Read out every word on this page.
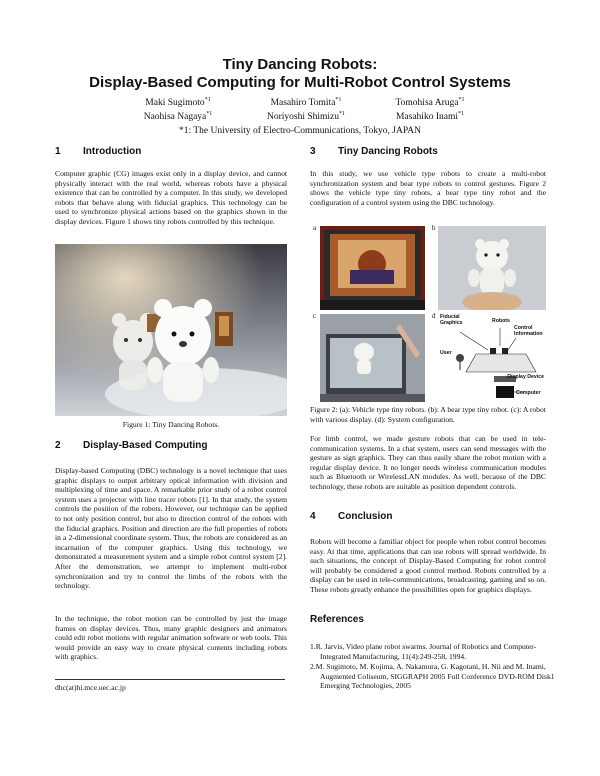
Tiny Dancing Robots:
Display-Based Computing for Multi-Robot Control Systems
Maki Sugimoto$^{*1}$
Naohisa Nagaya$^{*1}$
Masahiro Tomita$^{*1}$
Noriyoshi Shimizu$^{*1}$
Tomohisa Aruga$^{*1}$
Masahiko Inami$^{*1}$
*1: The University of Electro-Communications, Tokyo, JAPAN
1 Introduction
Computer graphic (CG) images exist only in a display device, and cannot physically interact with the real world, whereas robots have a physical existence that can be controlled by a computer. In this study, we developed robots that behave along with fiducial graphics. This technology can be used to synchronize physical actions based on the graphics shown in the display devices. Figure 1 shows tiny robots controlled by this technique.
Figure 1: Tiny Dancing Robots.
2 Display-Based Computing
Display-based Computing (DBC) technology is a novel technique that uses graphic displays to output arbitrary optical information with division and multiplexing of time and space. A remarkable prior study of a robot control system uses a projector with line tracer robots [1]. In that study, the system controls the position of the robots. However, our technique can be applied to not only position control, but also to direction control of the robots with the fiducial graphics. Position and direction are the full properties of robots in a 2-dimensional coordinate system. Thus, the robots are considered as an incarnation of the computer graphics. Using this technology, we demonstrated a measurement system and a simple robot control system [2]. After the demonstration, we attempt to implement multi-robot synchronization and try to control the limbs of the robots with the technology.
In the technique, the robot motion can be controlled by just the image frames on display devices. Thus, many graphic designers and animators could edit robot motions with regular animation software or web tools. This would provide an easy way to create physical contents including robots with graphics.
dhc(at)hi.mce.uec.ac.jp
3 Tiny Dancing Robots
In this study, we use vehicle type robots to create a multi-robot synchronization system and bear type robots to control gestures. Figure 2 shows the vehicle type tiny robots, a bear type tiny robot and the configuration of a control system using the DBC technology.
a	b
c	d Fiducial Graphics	Robots
Control Information
User
Display Device
Computer
Figure 2: (a): Vehicle type tiny robots. (b): A bear type tiny robot. (c): A robot with various display. (d): System configuration.
For limb control, we made gesture robots that can be used in tele-communication systems. In a chat system, users can send messages with the gesture as sign graphics. They can thus easily share the robot motion with a regular display device. It no longer needs wireless communication modules such as Bluetooth or WirelessLAN modules. As well, because of the DBC technology, these robots are suitable as position dependent controls.
4 Conclusion
Robots will become a familiar object for people when robot control becomes easy. At that time, applications that can use robots will spread worldwide. In such situations, the concept of Display-Based Computing for robot control will probably be considered a good control method. Robots controlled by a display can be used in tele-communications, broadcasting, gaming and so on. These robots greatly enhance the possibilities open for graphics displays.
References
1.R. Jarvis, Video plane robot swarms. Journal of Robotics and Computer-Integrated Manufacturing, 11(4):249-258, 1994.
2.M. Sugimoto, M. Kojima, A. Nakamura, G. Kagotani, H. Nii and M. Inami, Augmented Coliseum, SIGGRAPH 2005 Full Conference DVD-ROM Disk1 Emerging Technologies, 2005
